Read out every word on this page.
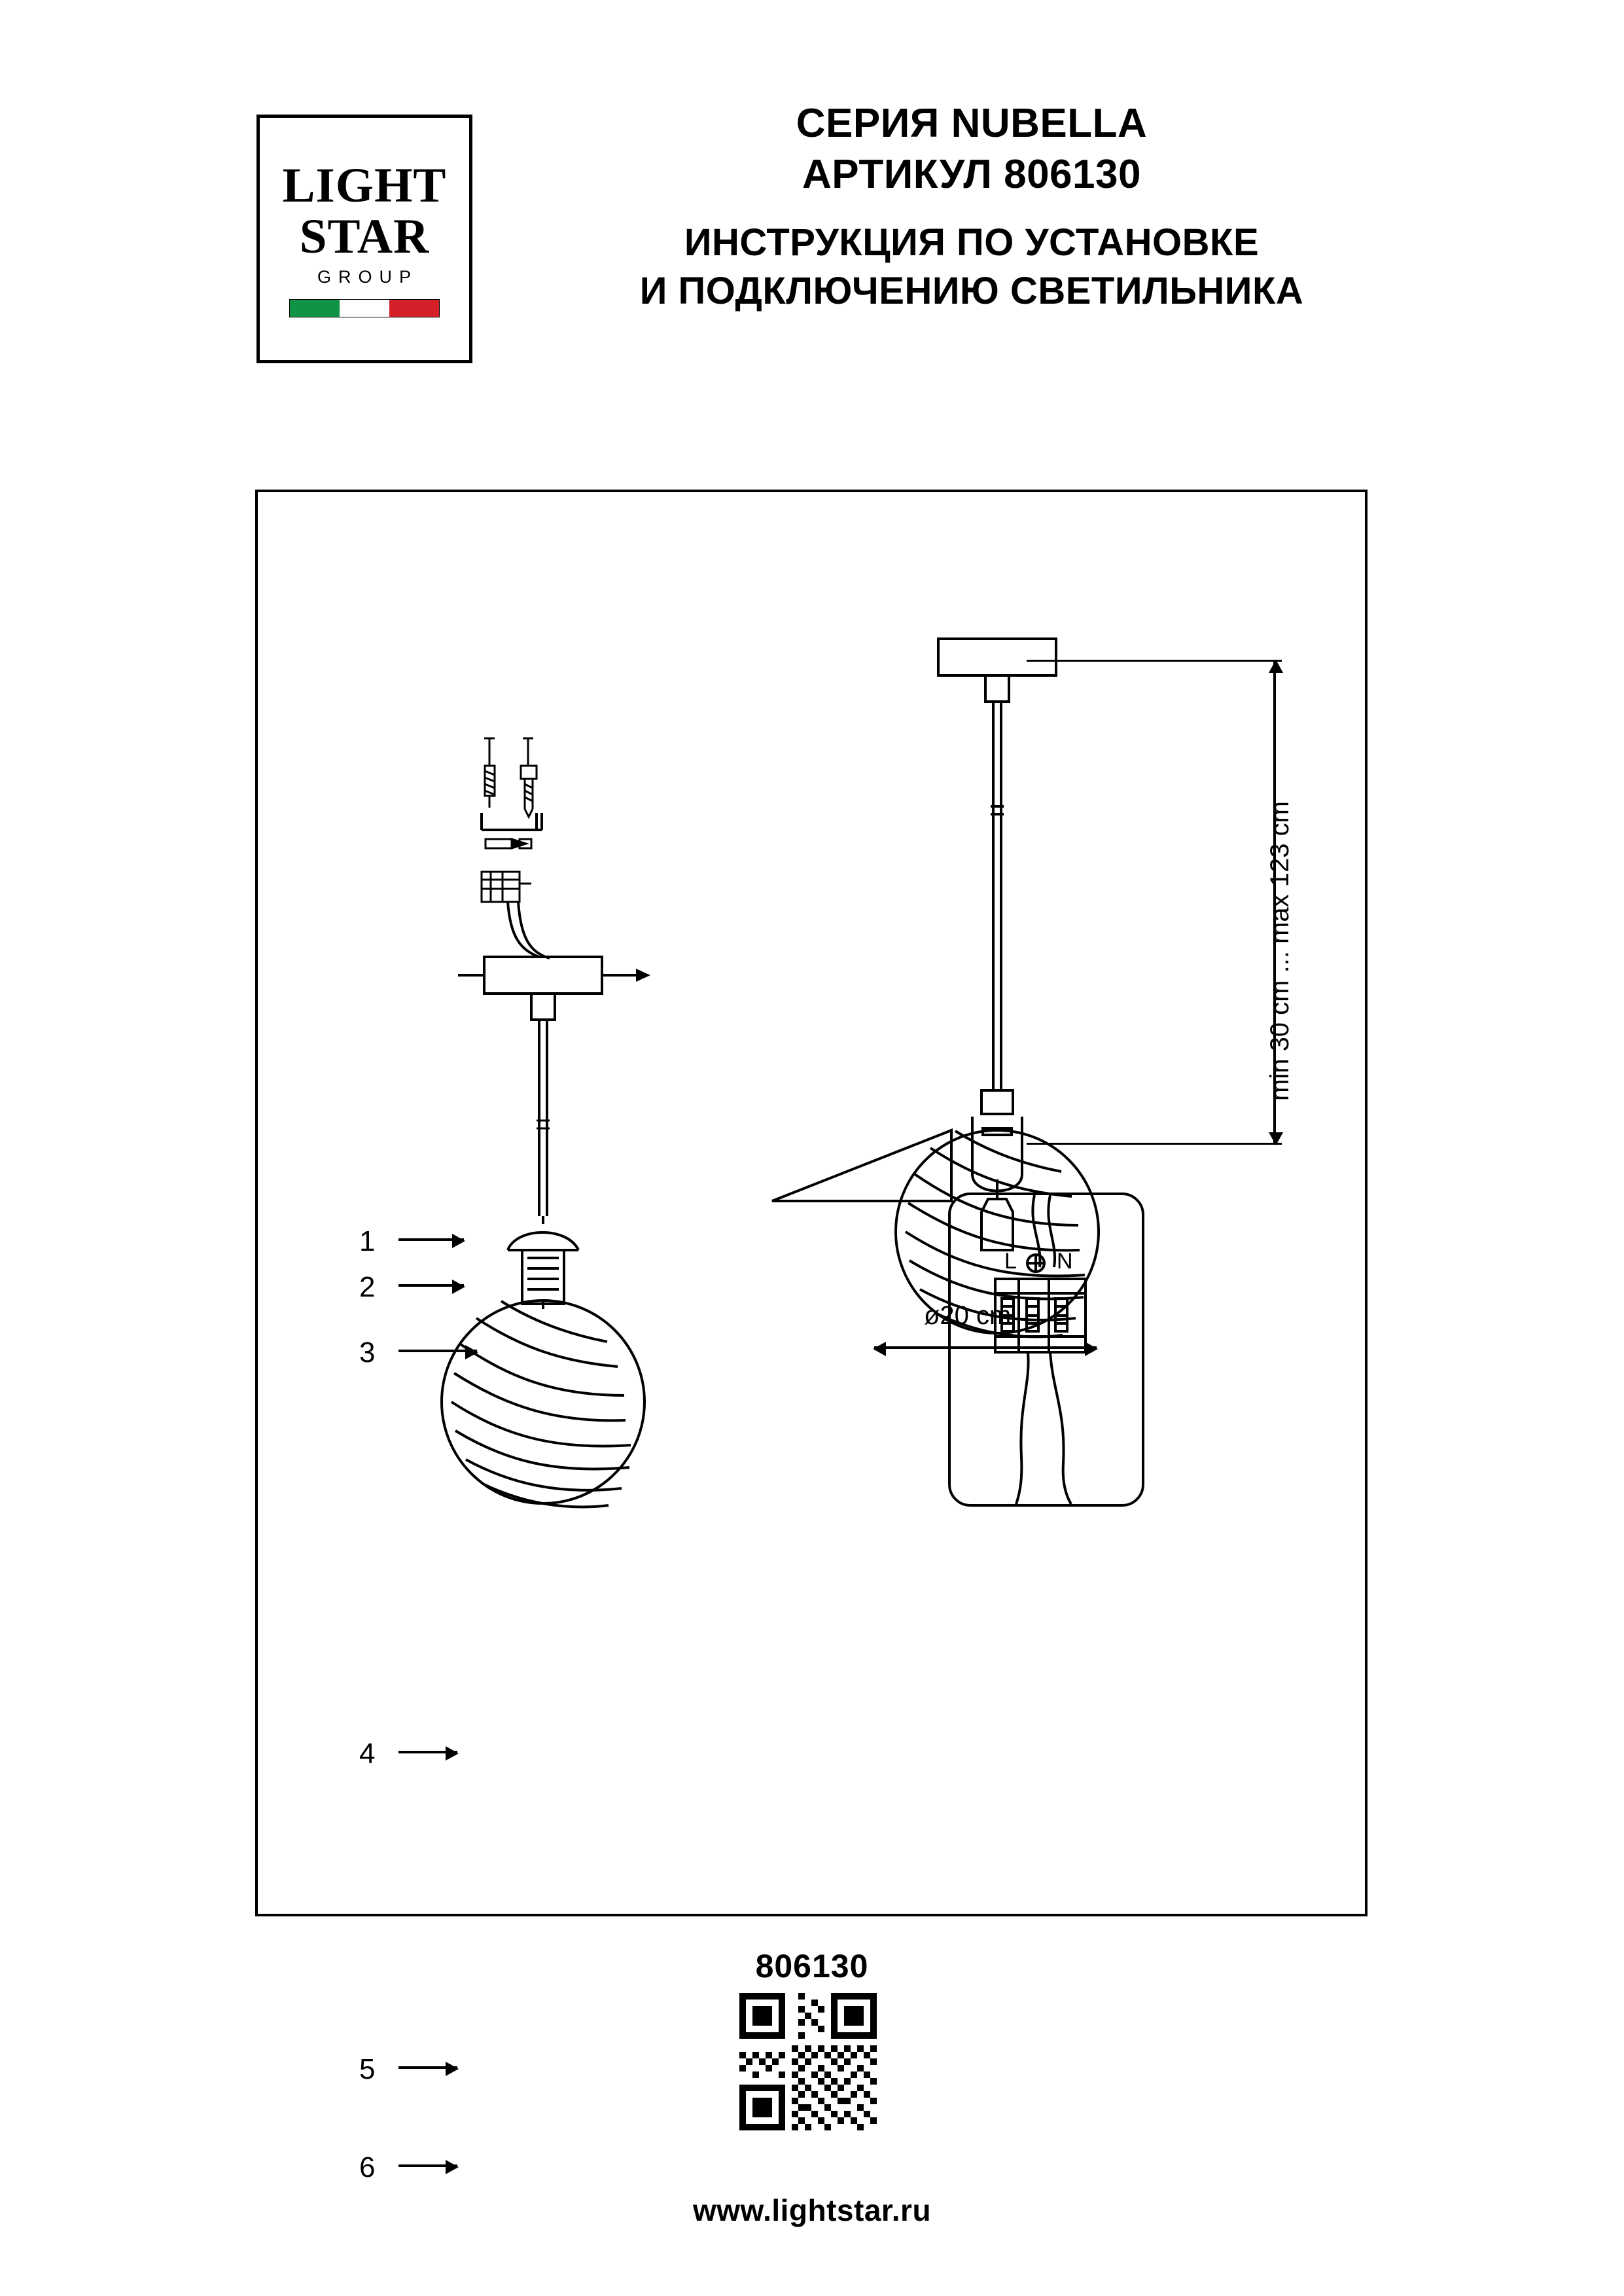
LIGHT
STAR
GROUP
СЕРИЯ NUBELLA
АРТИКУЛ 806130
ИНСТРУКЦИЯ ПО УСТАНОВКЕ
И ПОДКЛЮЧЕНИЮ СВЕТИЛЬНИКА
1
2
3
4
5
6
L N
min 30 cm ... max 123 cm
ø20 cm
806130
www.lightstar.ru
